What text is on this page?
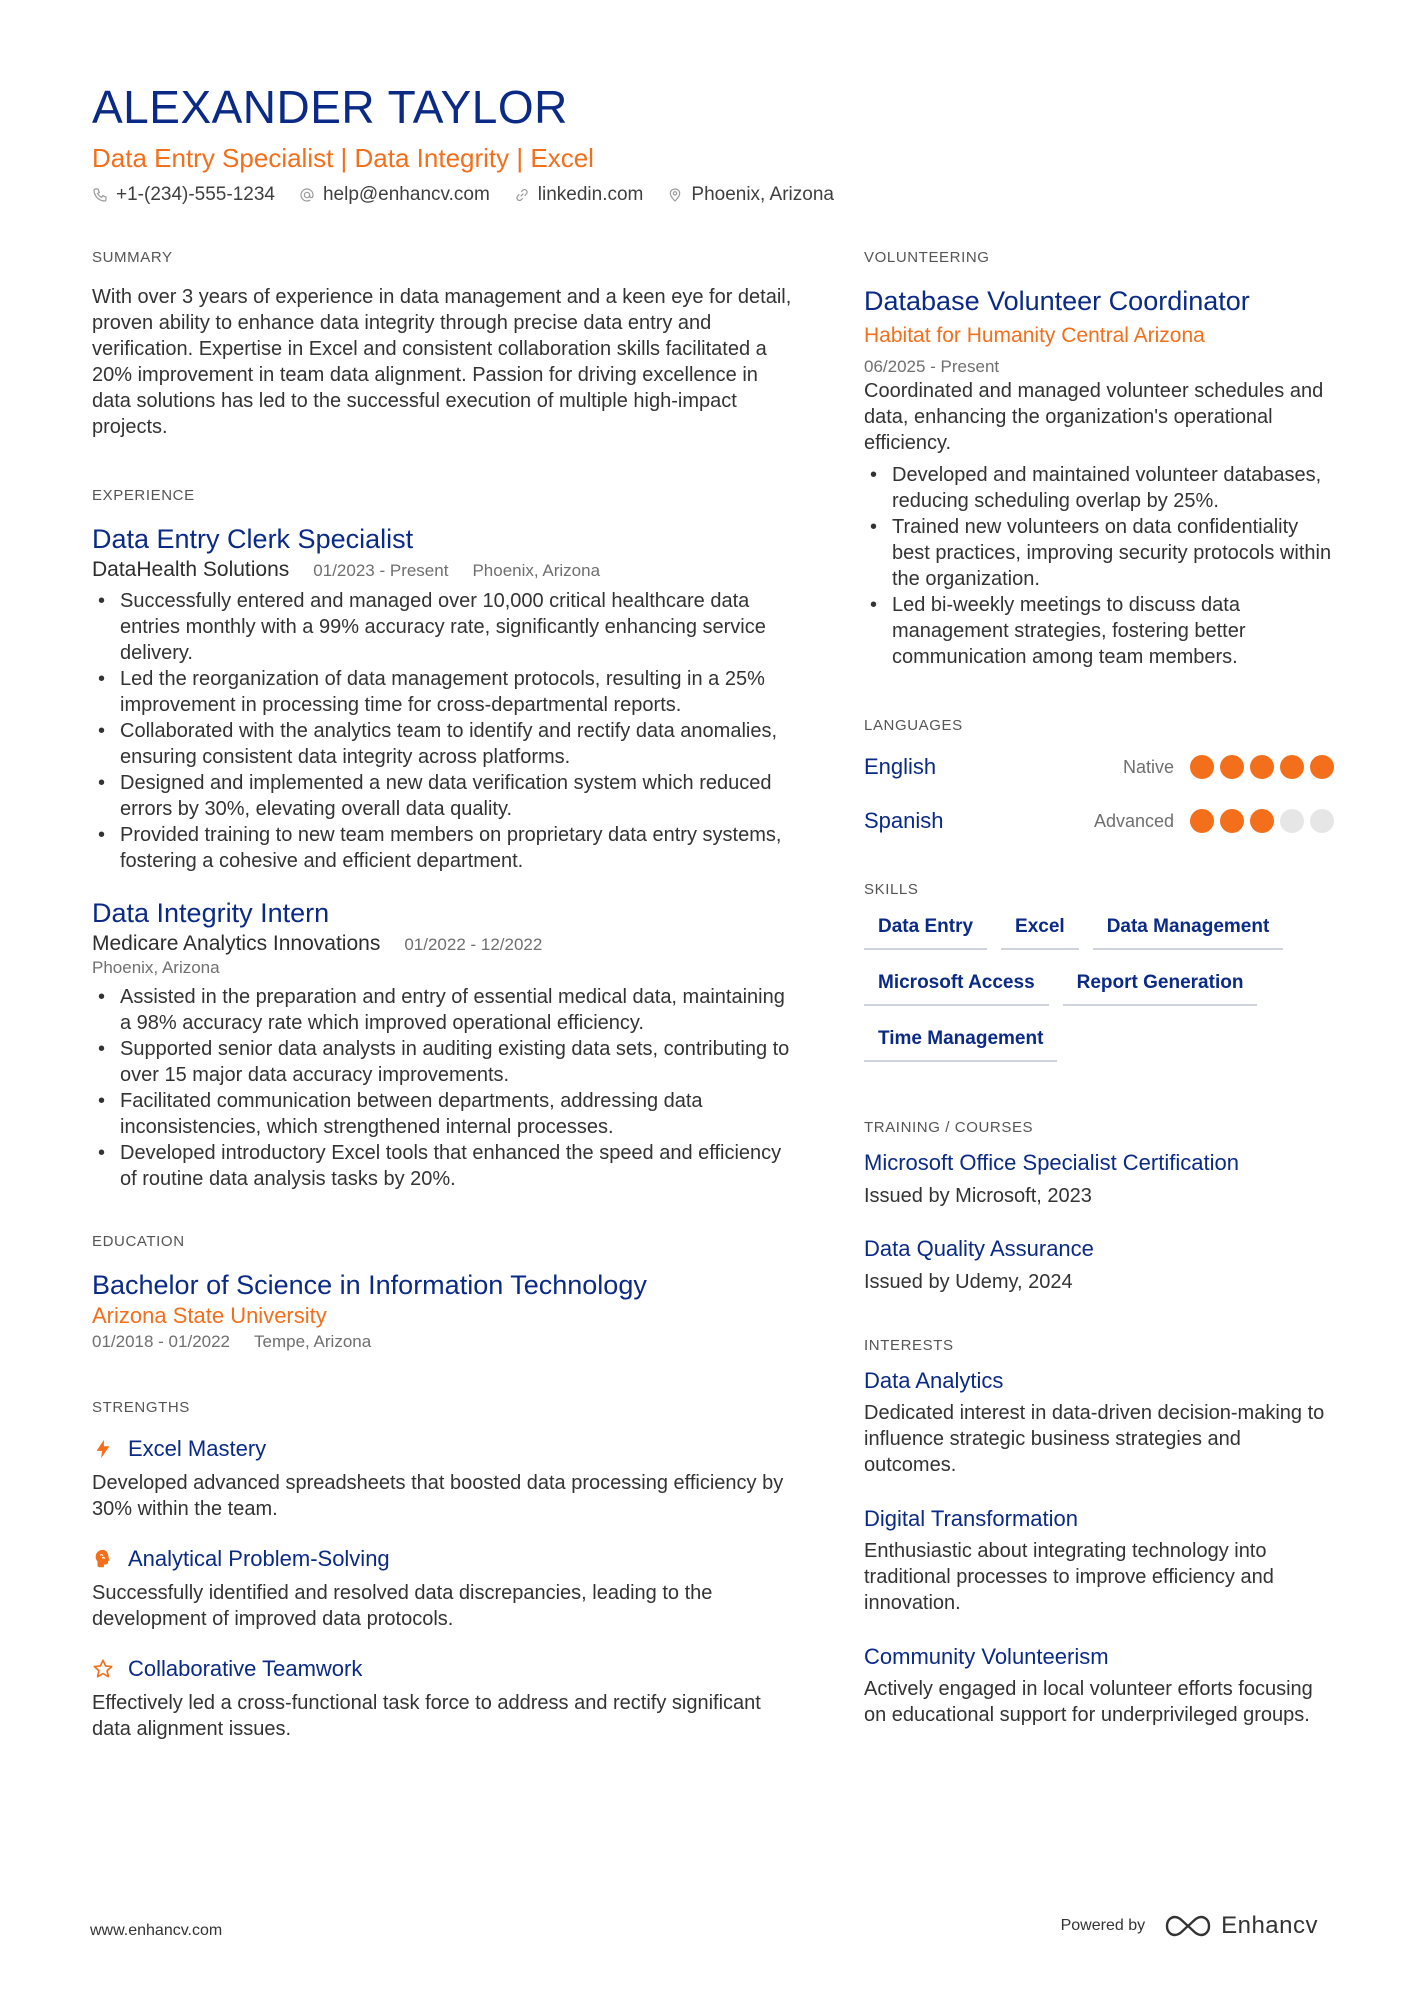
ALEXANDER TAYLOR
Data Entry Specialist | Data Integrity | Excel
+1-(234)-555-1234	help@enhancv.com	linkedin.com	Phoenix, Arizona
SUMMARY
With over 3 years of experience in data management and a keen eye for detail, proven ability to enhance data integrity through precise data entry and verification. Expertise in Excel and consistent collaboration skills facilitated a 20% improvement in team data alignment. Passion for driving excellence in data solutions has led to the successful execution of multiple high-impact projects.
EXPERIENCE
Data Entry Clerk Specialist
DataHealth Solutions 01/2023 - Present Phoenix, Arizona
• Successfully entered and managed over 10,000 critical healthcare data entries monthly with a 99% accuracy rate, significantly enhancing service delivery.
• Led the reorganization of data management protocols, resulting in a 25% improvement in processing time for cross-departmental reports.
• Collaborated with the analytics team to identify and rectify data anomalies, ensuring consistent data integrity across platforms.
• Designed and implemented a new data verification system which reduced errors by 30%, elevating overall data quality.
• Provided training to new team members on proprietary data entry systems, fostering a cohesive and efficient department.
Data Integrity Intern
Medicare Analytics Innovations 01/2022 - 12/2022
Phoenix, Arizona
• Assisted in the preparation and entry of essential medical data, maintaining a 98% accuracy rate which improved operational efficiency.
• Supported senior data analysts in auditing existing data sets, contributing to over 15 major data accuracy improvements.
• Facilitated communication between departments, addressing data inconsistencies, which strengthened internal processes.
• Developed introductory Excel tools that enhanced the speed and efficiency of routine data analysis tasks by 20%.
EDUCATION
Bachelor of Science in Information Technology
Arizona State University
01/2018 - 01/2022 Tempe, Arizona
STRENGTHS
Excel Mastery
Developed advanced spreadsheets that boosted data processing efficiency by 30% within the team.
Analytical Problem-Solving
Successfully identified and resolved data discrepancies, leading to the development of improved data protocols.
Collaborative Teamwork
Effectively led a cross-functional task force to address and rectify significant data alignment issues.
VOLUNTEERING
Database Volunteer Coordinator
Habitat for Humanity Central Arizona
06/2025 - Present
Coordinated and managed volunteer schedules and data, enhancing the organization's operational efficiency.
• Developed and maintained volunteer databases, reducing scheduling overlap by 25%.
• Trained new volunteers on data confidentiality best practices, improving security protocols within the organization.
• Led bi-weekly meetings to discuss data management strategies, fostering better communication among team members.
LANGUAGES
English	Native
Spanish	Advanced
SKILLS
Data Entry	Excel	Data Management
Microsoft Access	Report Generation
Time Management
TRAINING / COURSES
Microsoft Office Specialist Certification
Issued by Microsoft, 2023
Data Quality Assurance
Issued by Udemy, 2024
INTERESTS
Data Analytics
Dedicated interest in data-driven decision-making to influence strategic business strategies and outcomes.
Digital Transformation
Enthusiastic about integrating technology into traditional processes to improve efficiency and innovation.
Community Volunteerism
Actively engaged in local volunteer efforts focusing on educational support for underprivileged groups.
www.enhancv.com	Powered by	Enhancv
